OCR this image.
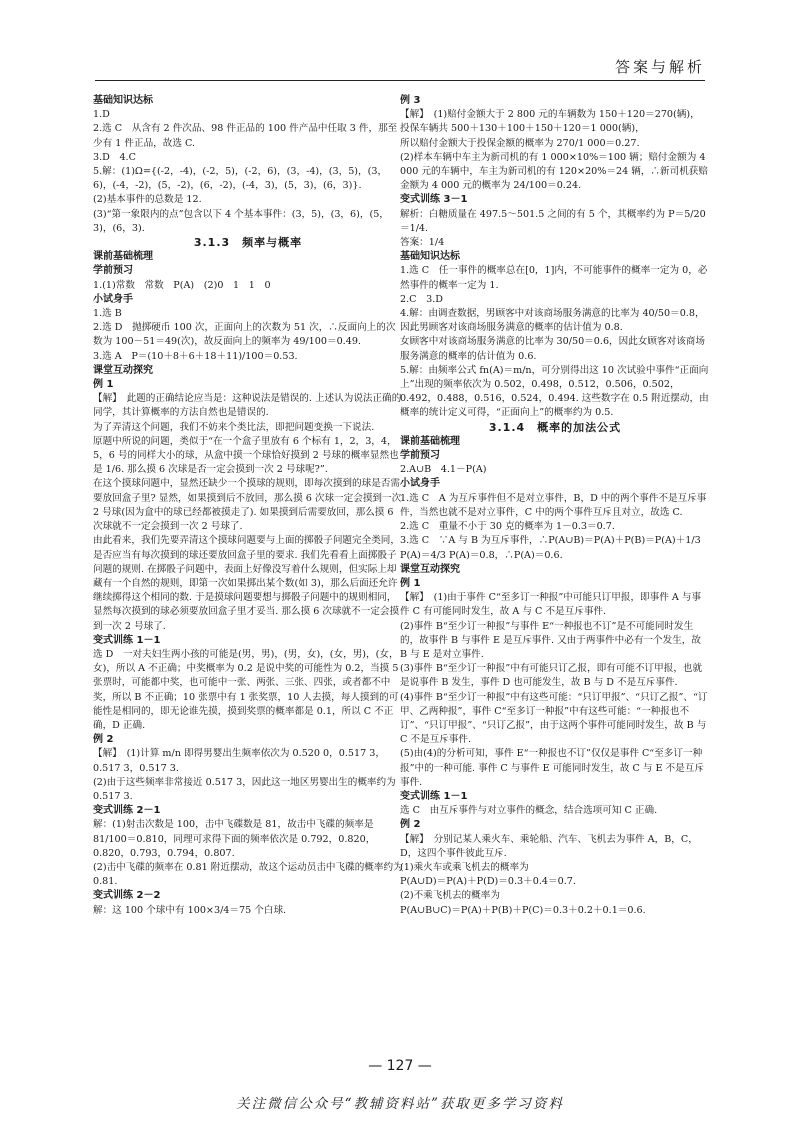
答案与解析

基础知识达标

1.D

2.选 C　从含有 2 件次品、98 件正品的 100 件产品中任取 3 件，那至少有 1 件正品，故选 C.

3.D　4.C

5.解：(1)Ω={(-2，-4)，(-2，5)，(-2，6)，(3，-4)，(3，5)，(3，6)，(-4，-2)，(5，-2)，(6，-2)，(-4，3)，(5，3)，(6，3)}.

(2)基本事件的总数是 12.

(3)“第一象限内的点”包含以下 4 个基本事件：(3，5)，(3，6)，(5，3)，(6，3).

3.1.3　频率与概率

课前基础梳理

学前预习

1.(1)常数　常数　P(A)　(2)0　1　1　0

小试身手

1.选 B

2.选 D　抛掷硬币 100 次，正面向上的次数为 51 次，∴反面向上的次数为 100－51＝49(次)，故反面向上的频率为 49/100＝0.49.

3.选 A　P＝(10＋8＋6＋18＋11)/100＝0.53.

课堂互动探究

例 1

【解】　此题的正确结论应当是：这种说法是错误的. 上述认为说法正确的同学，其计算概率的方法自然也是错误的.

为了弄清这个问题，我们不妨来个类比法，即把问题变换一下说法.

原题中所说的问题，类似于“在一个盒子里放有 6 个标有 1，2，3，4，5，6 号的同样大小的球，从盒中摸一个球恰好摸到 2 号球的概率显然也是 1/6. 那么摸 6 次球是否一定会摸到一次 2 号球呢?”.

在这个摸球问题中，显然还缺少一个摸球的规则，即每次摸到的球是否需要放回盒子里? 显然，如果摸到后不放回，那么摸 6 次球一定会摸到一次 2 号球(因为盒中的球已经都被摸走了). 如果摸到后需要放回，那么摸 6 次球就不一定会摸到一次 2 号球了.

由此看来，我们先要弄清这个摸球问题要与上面的掷骰子问题完全类同，是否应当有每次摸到的球还要放回盒子里的要求. 我们先看看上面掷骰子问题的规则. 在掷骰子问题中，表面上好像没写着什么规则，但实际上却藏有一个自然的规则，即第一次如果掷出某个数(如 3)，那么后面还允许继续掷得这个相同的数. 于是摸球问题要想与掷骰子问题中的规则相同，显然每次摸到的球必须要放回盒子里才妥当. 那么摸 6 次球就不一定会摸到一次 2 号球了.

变式训练 1－1

选 D　一对夫妇生两小孩的可能是(男，男)，(男，女)，(女，男)，(女，女)，所以 A 不正确；中奖概率为 0.2 是说中奖的可能性为 0.2，当摸 5 张票时，可能都中奖，也可能中一张、两张、三张、四张，或者都不中奖，所以 B 不正确；10 张票中有 1 张奖票，10 人去摸，每人摸到的可能性是相同的，即无论谁先摸，摸到奖票的概率都是 0.1，所以 C 不正确，D 正确.

例 2

【解】　(1)计算 m/n 即得男婴出生频率依次为 0.520 0，0.517 3，0.517 3，0.517 3.

(2)由于这些频率非常接近 0.517 3，因此这一地区男婴出生的概率约为 0.517 3.

变式训练 2－1

解：(1)射击次数是 100，击中飞碟数是 81，故击中飞碟的频率是 81/100＝0.810，同理可求得下面的频率依次是 0.792，0.820，0.820，0.793，0.794，0.807.

(2)击中飞碟的频率在 0.81 附近摆动，故这个运动员击中飞碟的概率约为 0.81.

变式训练 2－2

解：这 100 个球中有 100×3/4＝75 个白球.

例 3

【解】　(1)赔付金额大于 2 800 元的车辆数为 150＋120＝270(辆)，

投保车辆共 500＋130＋100＋150＋120＝1 000(辆)，

所以赔付金额大于投保金额的概率为 270/1 000＝0.27.

(2)样本车辆中车主为新司机的有 1 000×10%＝100 辆；赔付金额为 4 000 元的车辆中，车主为新司机的有 120×20%＝24 辆，∴新司机获赔金额为 4 000 元的概率为 24/100＝0.24.

变式训练 3－1

解析：白糖质量在 497.5～501.5 之间的有 5 个，其概率约为 P＝5/20＝1/4.

答案：1/4

基础知识达标

1.选 C　任一事件的概率总在[0，1]内，不可能事件的概率一定为 0，必然事件的概率一定为 1.

2.C　3.D

4.解：由调查数据，男顾客中对该商场服务满意的比率为 40/50＝0.8，因此男顾客对该商场服务满意的概率的估计值为 0.8.

女顾客中对该商场服务满意的比率为 30/50＝0.6，因此女顾客对该商场服务满意的概率的估计值为 0.6.

5.解：由频率公式 fn(A)＝m/n，可分别得出这 10 次试验中事件“正面向上”出现的频率依次为 0.502，0.498，0.512，0.506，0.502，0.492，0.488，0.516，0.524，0.494. 这些数字在 0.5 附近摆动，由概率的统计定义可得，“正面向上”的概率约为 0.5.

3.1.4　概率的加法公式

课前基础梳理

学前预习

2.A∪B　4.1－P(A)

小试身手

1.选 C　A 为互斥事件但不是对立事件，B，D 中的两个事件不是互斥事件，当然也就不是对立事件，C 中的两个事件互斥且对立，故选 C.

2.选 C　重量不小于 30 克的概率为 1－0.3＝0.7.

3.选 C　∵A 与 B 为互斥事件，∴P(A∪B)＝P(A)＋P(B)＝P(A)＋1/3 P(A)＝4/3 P(A)＝0.8，∴P(A)＝0.6.

课堂互动探究

例 1

【解】　(1)由于事件 C“至多订一种报”中可能只订甲报，即事件 A 与事件 C 有可能同时发生，故 A 与 C 不是互斥事件.

(2)事件 B“至少订一种报”与事件 E“一种报也不订”是不可能同时发生的，故事件 B 与事件 E 是互斥事件. 又由于两事件中必有一个发生，故 B 与 E 是对立事件.

(3)事件 B“至少订一种报”中有可能只订乙报，即有可能不订甲报，也就是说事件 B 发生，事件 D 也可能发生，故 B 与 D 不是互斥事件.

(4)事件 B“至少订一种报”中有这些可能：“只订甲报”、“只订乙报”、“订甲、乙两种报”，事件 C“至多订一种报”中有这些可能：“一种报也不订”、“只订甲报”、“只订乙报”，由于这两个事件可能同时发生，故 B 与 C 不是互斥事件.

(5)由(4)的分析可知，事件 E“一种报也不订”仅仅是事件 C“至多订一种报”中的一种可能. 事件 C 与事件 E 可能同时发生，故 C 与 E 不是互斥事件.

变式训练 1－1

选 C　由互斥事件与对立事件的概念，结合选项可知 C 正确.

例 2

【解】　分别记某人乘火车、乘轮船、汽车、飞机去为事件 A，B，C，D，这四个事件彼此互斥.

(1)乘火车或乘飞机去的概率为

P(A∪D)＝P(A)＋P(D)＝0.3＋0.4＝0.7.

(2)不乘飞机去的概率为

P(A∪B∪C)＝P(A)＋P(B)＋P(C)＝0.3＋0.2＋0.1＝0.6.

— 127 —
关注微信公众号“教辅资料站”获取更多学习资料
